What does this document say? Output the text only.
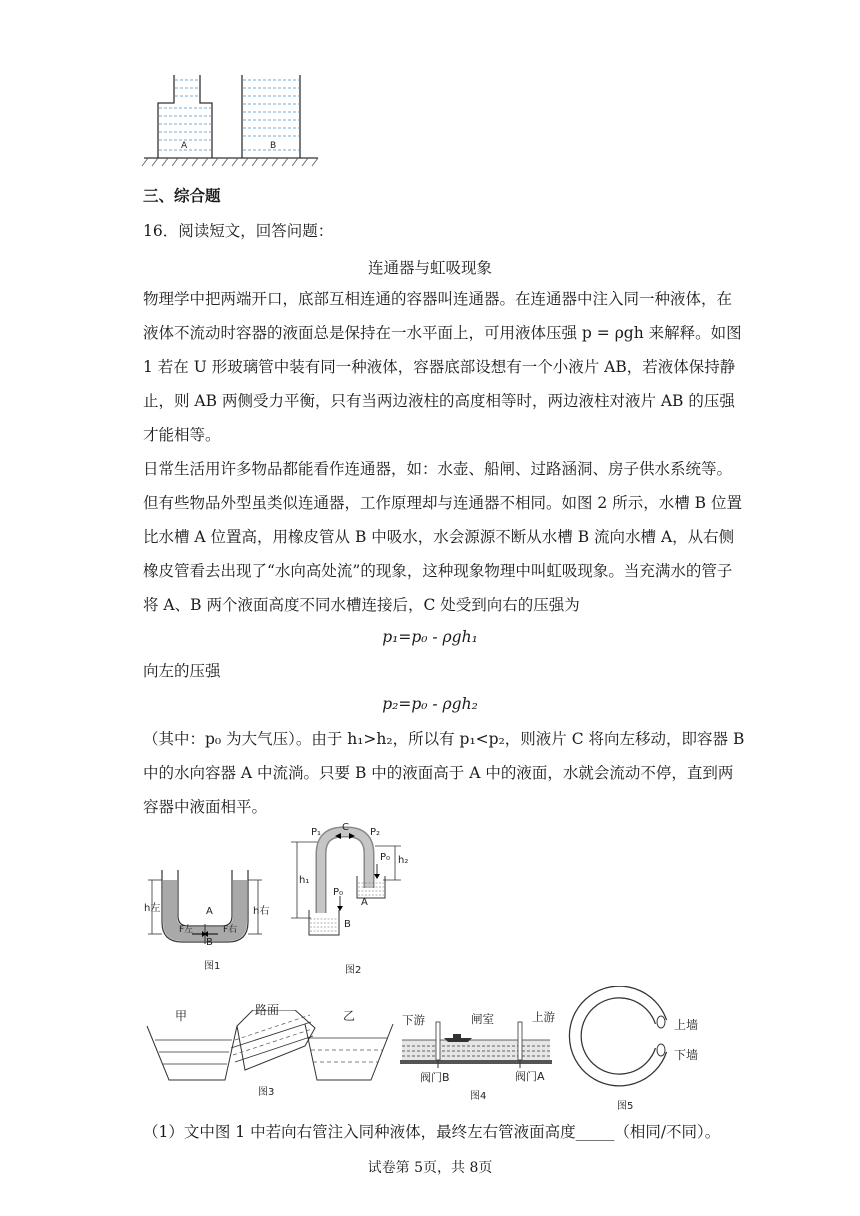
A	B
三、综合题
16．阅读短文，回答问题：
连通器与虹吸现象
物理学中把两端开口，底部互相连通的容器叫连通器。在连通器中注入同一种液体，在
液体不流动时容器的液面总是保持在一水平面上，可用液体压强 p = ρgh 来解释。如图
1 若在 U 形玻璃管中装有同一种液体，容器底部设想有一个小液片 AB，若液体保持静
止，则 AB 两侧受力平衡，只有当两边液柱的高度相等时，两边液柱对液片 AB 的压强
才能相等。
日常生活用许多物品都能看作连通器，如：水壶、船闸、过路涵洞、房子供水系统等。
但有些物品外型虽类似连通器，工作原理却与连通器不相同。如图 2 所示，水槽 B 位置
比水槽 A 位置高，用橡皮管从 B 中吸水，水会源源不断从水槽 B 流向水槽 A，从右侧
橡皮管看去出现了“水向高处流”的现象，这种现象物理中叫虹吸现象。当充满水的管子
将 A、B 两个液面高度不同水槽连接后，C 处受到向右的压强为
p₁=p₀ - ρgh₁
向左的压强
p₂=p₀ - ρgh₂
（其中：p₀ 为大气压）。由于 h₁>h₂，所以有 p₁<p₂，则液片 C 将向左移动，即容器 B
中的水向容器 A 中流淌。只要 B 中的液面高于 A 中的液面，水就会流动不停，直到两
容器中液面相平。
h左	h右
A
F左	F右
B
图1
C
P₁	P₂
P₀ h₂
h₁
P₀
A
B
图2
甲	路面	乙
图3
下游	闸室	上游
阀门B	阀门A
图4
上墙
下墙
图5
（1）文中图 1 中若向右管注入同种液体，最终左右管液面高度_____（相同/不同）。
试卷第 5页，共 8页
